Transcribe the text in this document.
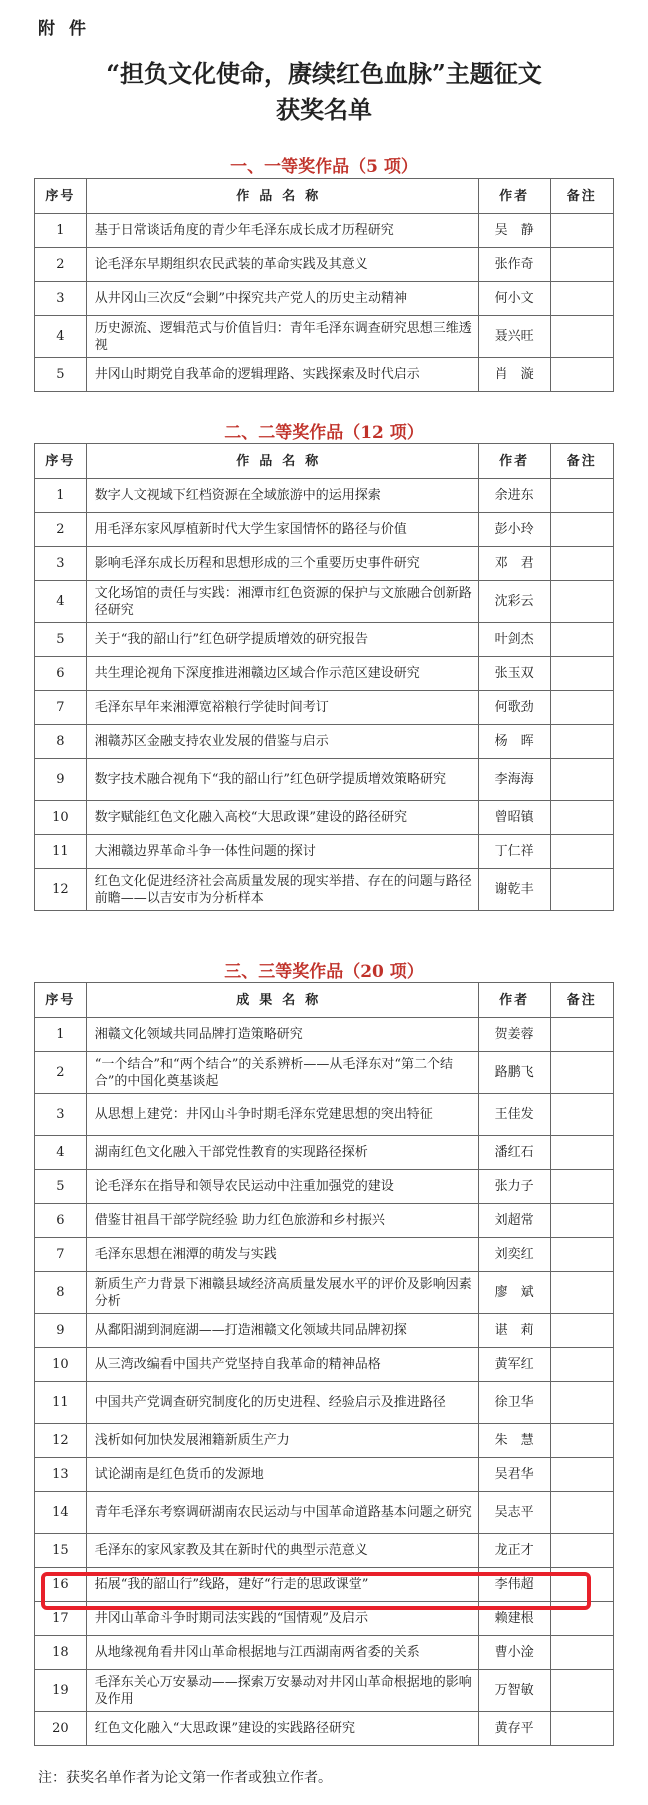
附件
“担负文化使命，赓续红色血脉”主题征文
获奖名单
一、一等奖作品（5 项）
序号	作品名称	作者	备注
1	基于日常谈话角度的青少年毛泽东成长成才历程研究	吴　静	
2	论毛泽东早期组织农民武装的革命实践及其意义	张作奇	
3	从井冈山三次反“会剿”中探究共产党人的历史主动精神	何小文	
4	历史源流、逻辑范式与价值旨归：青年毛泽东调查研究思想三维透视	聂兴旺	
5	井冈山时期党自我革命的逻辑理路、实践探索及时代启示	肖　漩	
二、二等奖作品（12 项）
序号	作品名称	作者	备注
1	数字人文视域下红档资源在全域旅游中的运用探索	余进东	
2	用毛泽东家风厚植新时代大学生家国情怀的路径与价值	彭小玲	
3	影响毛泽东成长历程和思想形成的三个重要历史事件研究	邓　君	
4	文化场馆的责任与实践：湘潭市红色资源的保护与文旅融合创新路径研究	沈彩云	
5	关于“我的韶山行”红色研学提质增效的研究报告	叶剑杰	
6	共生理论视角下深度推进湘赣边区域合作示范区建设研究	张玉双	
7	毛泽东早年来湘潭宽裕粮行学徒时间考订	何歌劲	
8	湘赣苏区金融支持农业发展的借鉴与启示	杨　晖	
9	数字技术融合视角下“我的韶山行”红色研学提质增效策略研究	李海海	
10	数字赋能红色文化融入高校“大思政课”建设的路径研究	曾昭镇	
11	大湘赣边界革命斗争一体性问题的探讨	丁仁祥	
12	红色文化促进经济社会高质量发展的现实举措、存在的问题与路径前瞻——以吉安市为分析样本	谢乾丰	
三、三等奖作品（20 项）
序号	成果名称	作者	备注
1	湘赣文化领域共同品牌打造策略研究	贺姜蓉	
2	“一个结合”和“两个结合”的关系辨析——从毛泽东对“第二个结合”的中国化奠基谈起	路鹏飞	
3	从思想上建党：井冈山斗争时期毛泽东党建思想的突出特征	王佳发	
4	湖南红色文化融入干部党性教育的实现路径探析	潘红石	
5	论毛泽东在指导和领导农民运动中注重加强党的建设	张力子	
6	借鉴甘祖昌干部学院经验 助力红色旅游和乡村振兴	刘超常	
7	毛泽东思想在湘潭的萌发与实践	刘奕红	
8	新质生产力背景下湘赣县域经济高质量发展水平的评价及影响因素分析	廖　斌	
9	从鄱阳湖到洞庭湖——打造湘赣文化领域共同品牌初探	谌　莉	
10	从三湾改编看中国共产党坚持自我革命的精神品格	黄军红	
11	中国共产党调查研究制度化的历史进程、经验启示及推进路径	徐卫华	
12	浅析如何加快发展湘籍新质生产力	朱　慧	
13	试论湖南是红色货币的发源地	吴君华	
14	青年毛泽东考察调研湖南农民运动与中国革命道路基本问题之研究	吴志平	
15	毛泽东的家风家教及其在新时代的典型示范意义	龙正才	
16	拓展“我的韶山行”线路，建好“行走的思政课堂”	李伟超	
17	井冈山革命斗争时期司法实践的“国情观”及启示	赖建根	
18	从地缘视角看井冈山革命根据地与江西湖南两省委的关系	曹小淦	
19	毛泽东关心万安暴动——探索万安暴动对井冈山革命根据地的影响及作用	万智敏	
20	红色文化融入“大思政课”建设的实践路径研究	黄存平	
注：获奖名单作者为论文第一作者或独立作者。
